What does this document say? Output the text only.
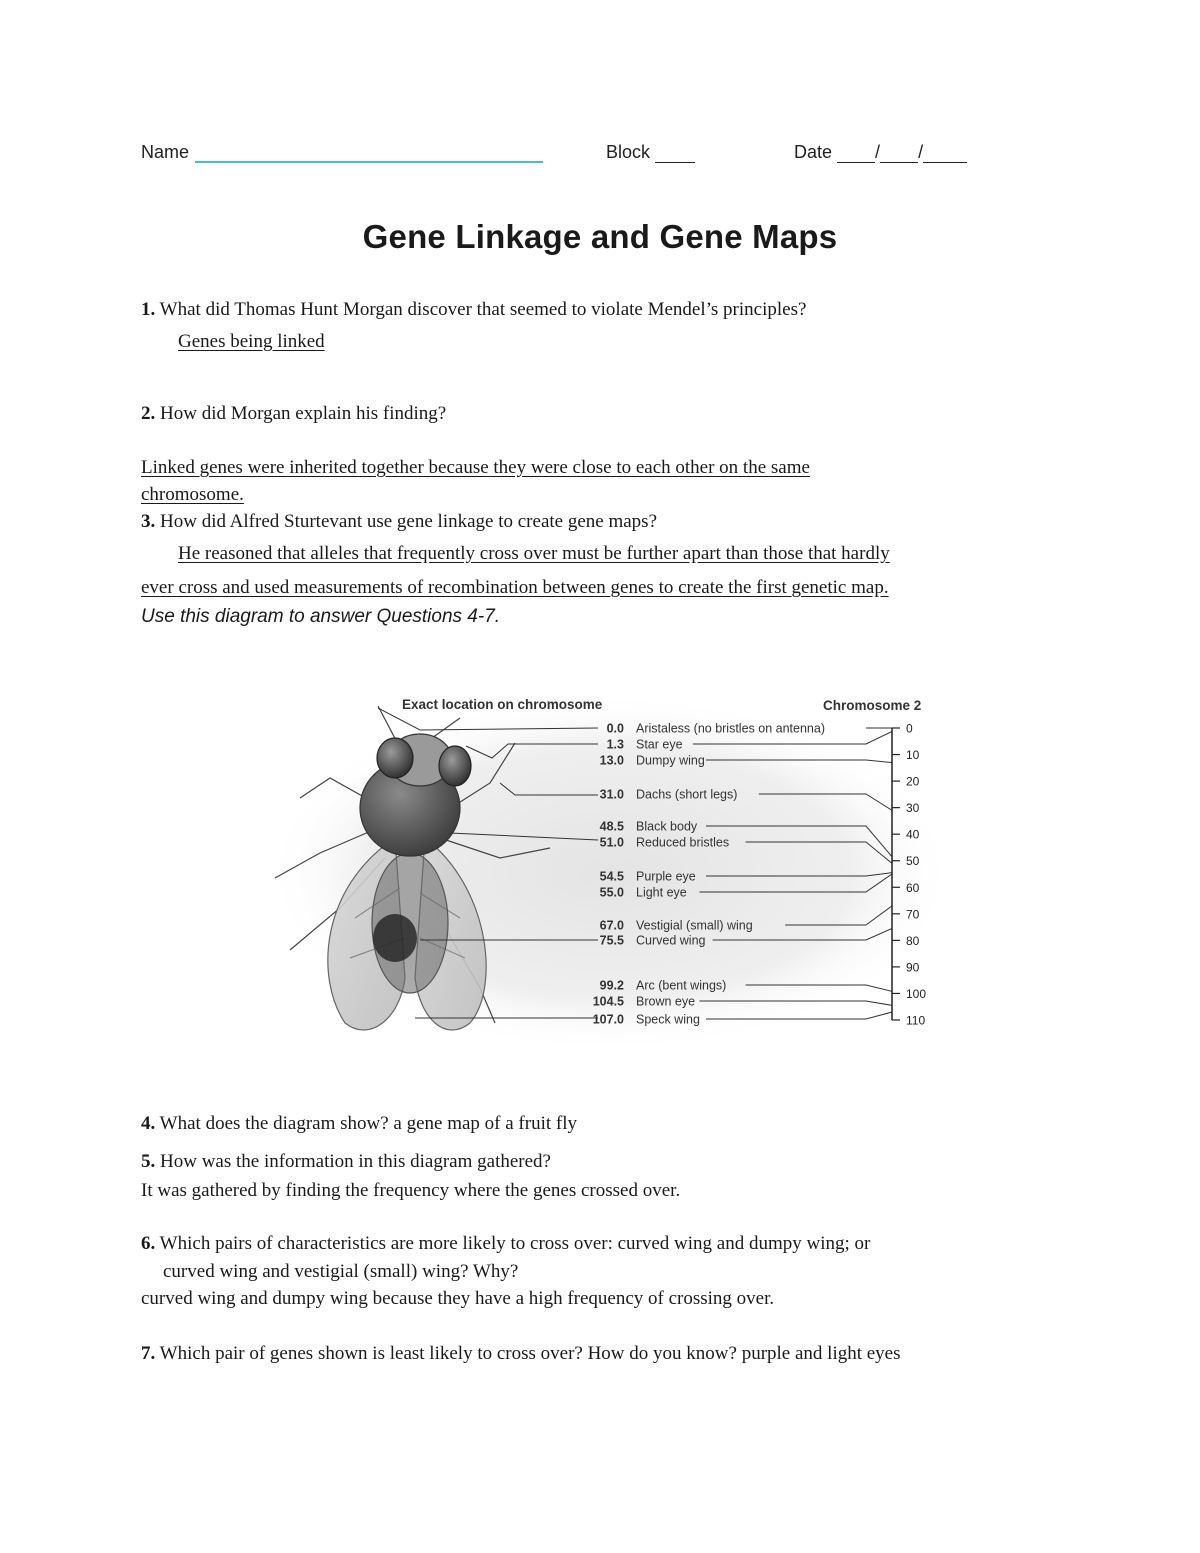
Name	Block	Date / /
Gene Linkage and Gene Maps
1. What did Thomas Hunt Morgan discover that seemed to violate Mendel’s principles?
Genes being linked
2. How did Morgan explain his finding?
Linked genes were inherited together because they were close to each other on the same
chromosome.
3. How did Alfred Sturtevant use gene linkage to create gene maps?
He reasoned that alleles that frequently cross over must be further apart than those that hardly
ever cross and used measurements of recombination between genes to create the first genetic map.
Use this diagram to answer Questions 4-7.
Exact location on chromosome	Chromosome 2
0.0 Aristaless (no bristles on antenna)
1.3 Star eye
13.0 Dumpy wing
31.0 Dachs (short legs)
48.5 Black body
51.0 Reduced bristles
54.5 Purple eye
55.0 Light eye
67.0 Vestigial (small) wing
75.5 Curved wing
99.2 Arc (bent wings)
104.5 Brown eye
107.0 Speck wing
0
10
20
30
40
50
60
70
80
90
100
110
4. What does the diagram show? a gene map of a fruit fly
5. How was the information in this diagram gathered?
It was gathered by finding the frequency where the genes crossed over.
6. Which pairs of characteristics are more likely to cross over: curved wing and dumpy wing; or
curved wing and vestigial (small) wing? Why?
curved wing and dumpy wing because they have a high frequency of crossing over.
7. Which pair of genes shown is least likely to cross over? How do you know? purple and light eyes
